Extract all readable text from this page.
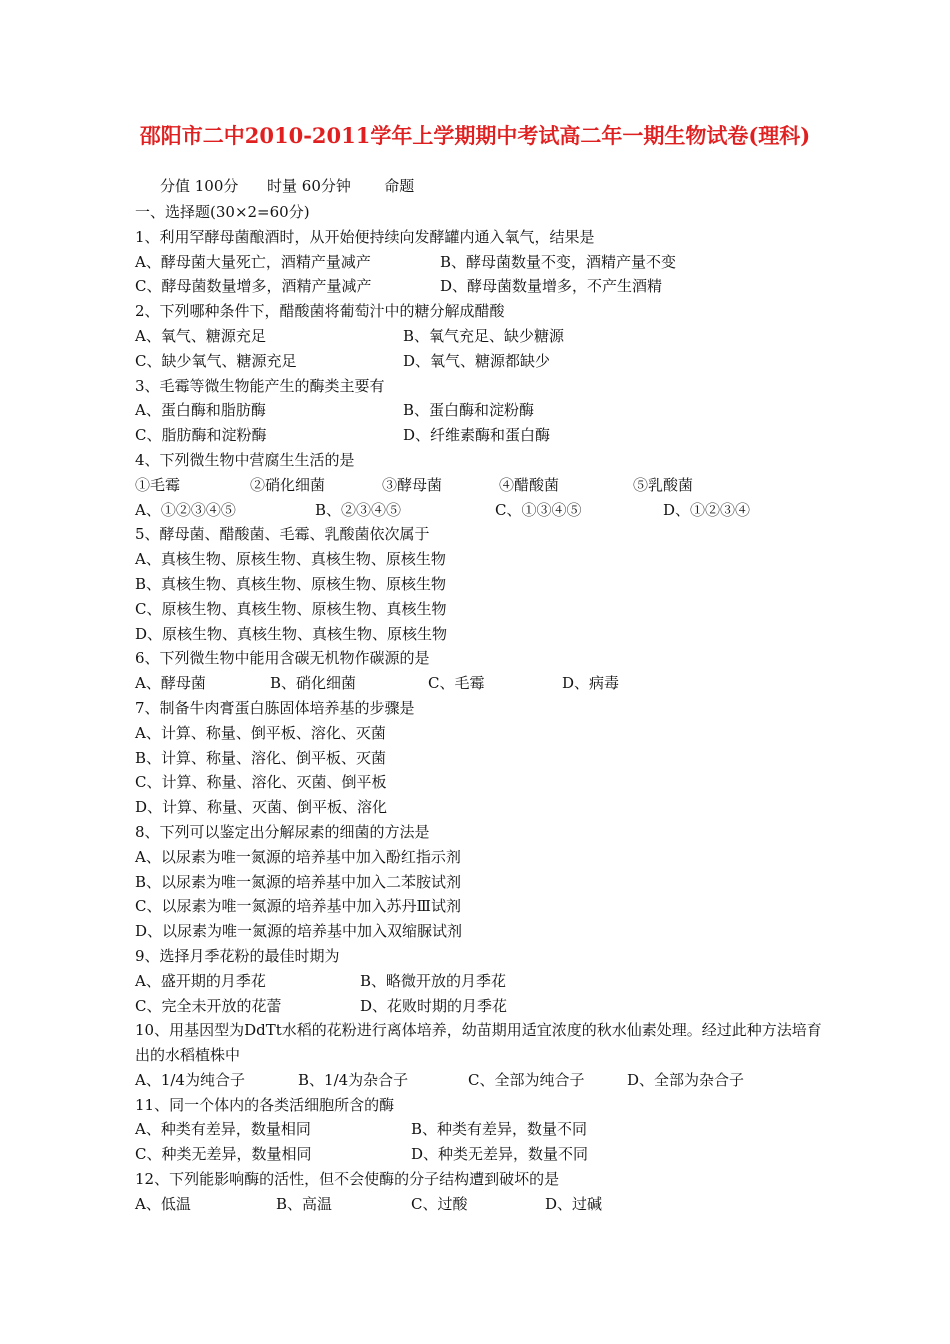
邵阳市二中2010-2011学年上学期期中考试高二年一期生物试卷(理科)
分值 100分      时量 60分钟       命题
一、选择题(30×2=60分)
1、利用罕酵母菌酿酒时，从开始便持续向发酵罐内通入氧气，结果是
A、酵母菌大量死亡，酒精产量减产	B、酵母菌数量不变，酒精产量不变
C、酵母菌数量增多，酒精产量减产	D、酵母菌数量增多，不产生酒精
2、下列哪种条件下，醋酸菌将葡萄汁中的糖分解成醋酸
A、氧气、糖源充足	B、氧气充足、缺少糖源
C、缺少氧气、糖源充足	D、氧气、糖源都缺少
3、毛霉等微生物能产生的酶类主要有
A、蛋白酶和脂肪酶	B、蛋白酶和淀粉酶
C、脂肪酶和淀粉酶	D、纤维素酶和蛋白酶
4、下列微生物中营腐生生活的是
①毛霉	②硝化细菌	③酵母菌	④醋酸菌	⑤乳酸菌
A、①②③④⑤	B、②③④⑤	C、①③④⑤	D、①②③④
5、酵母菌、醋酸菌、毛霉、乳酸菌依次属于
A、真核生物、原核生物、真核生物、原核生物
B、真核生物、真核生物、原核生物、原核生物
C、原核生物、真核生物、原核生物、真核生物
D、原核生物、真核生物、真核生物、原核生物
6、下列微生物中能用含碳无机物作碳源的是
A、酵母菌	B、硝化细菌	C、毛霉	D、病毒
7、制备牛肉膏蛋白胨固体培养基的步骤是
A、计算、称量、倒平板、溶化、灭菌
B、计算、称量、溶化、倒平板、灭菌
C、计算、称量、溶化、灭菌、倒平板
D、计算、称量、灭菌、倒平板、溶化
8、下列可以鉴定出分解尿素的细菌的方法是
A、以尿素为唯一氮源的培养基中加入酚红指示剂
B、以尿素为唯一氮源的培养基中加入二苯胺试剂
C、以尿素为唯一氮源的培养基中加入苏丹Ⅲ试剂
D、以尿素为唯一氮源的培养基中加入双缩脲试剂
9、选择月季花粉的最佳时期为
A、盛开期的月季花	B、略微开放的月季花
C、完全未开放的花蕾	D、花败时期的月季花
10、用基因型为DdTt水稻的花粉进行离体培养，幼苗期用适宜浓度的秋水仙素处理。经过此种方法培育出的水稻植株中
A、1/4为纯合子	B、1/4为杂合子	C、全部为纯合子	D、全部为杂合子
11、同一个体内的各类活细胞所含的酶
A、种类有差异，数量相同	B、种类有差异，数量不同
C、种类无差异，数量相同	D、种类无差异，数量不同
12、下列能影响酶的活性，但不会使酶的分子结构遭到破坏的是
A、低温	B、高温	C、过酸	D、过碱
